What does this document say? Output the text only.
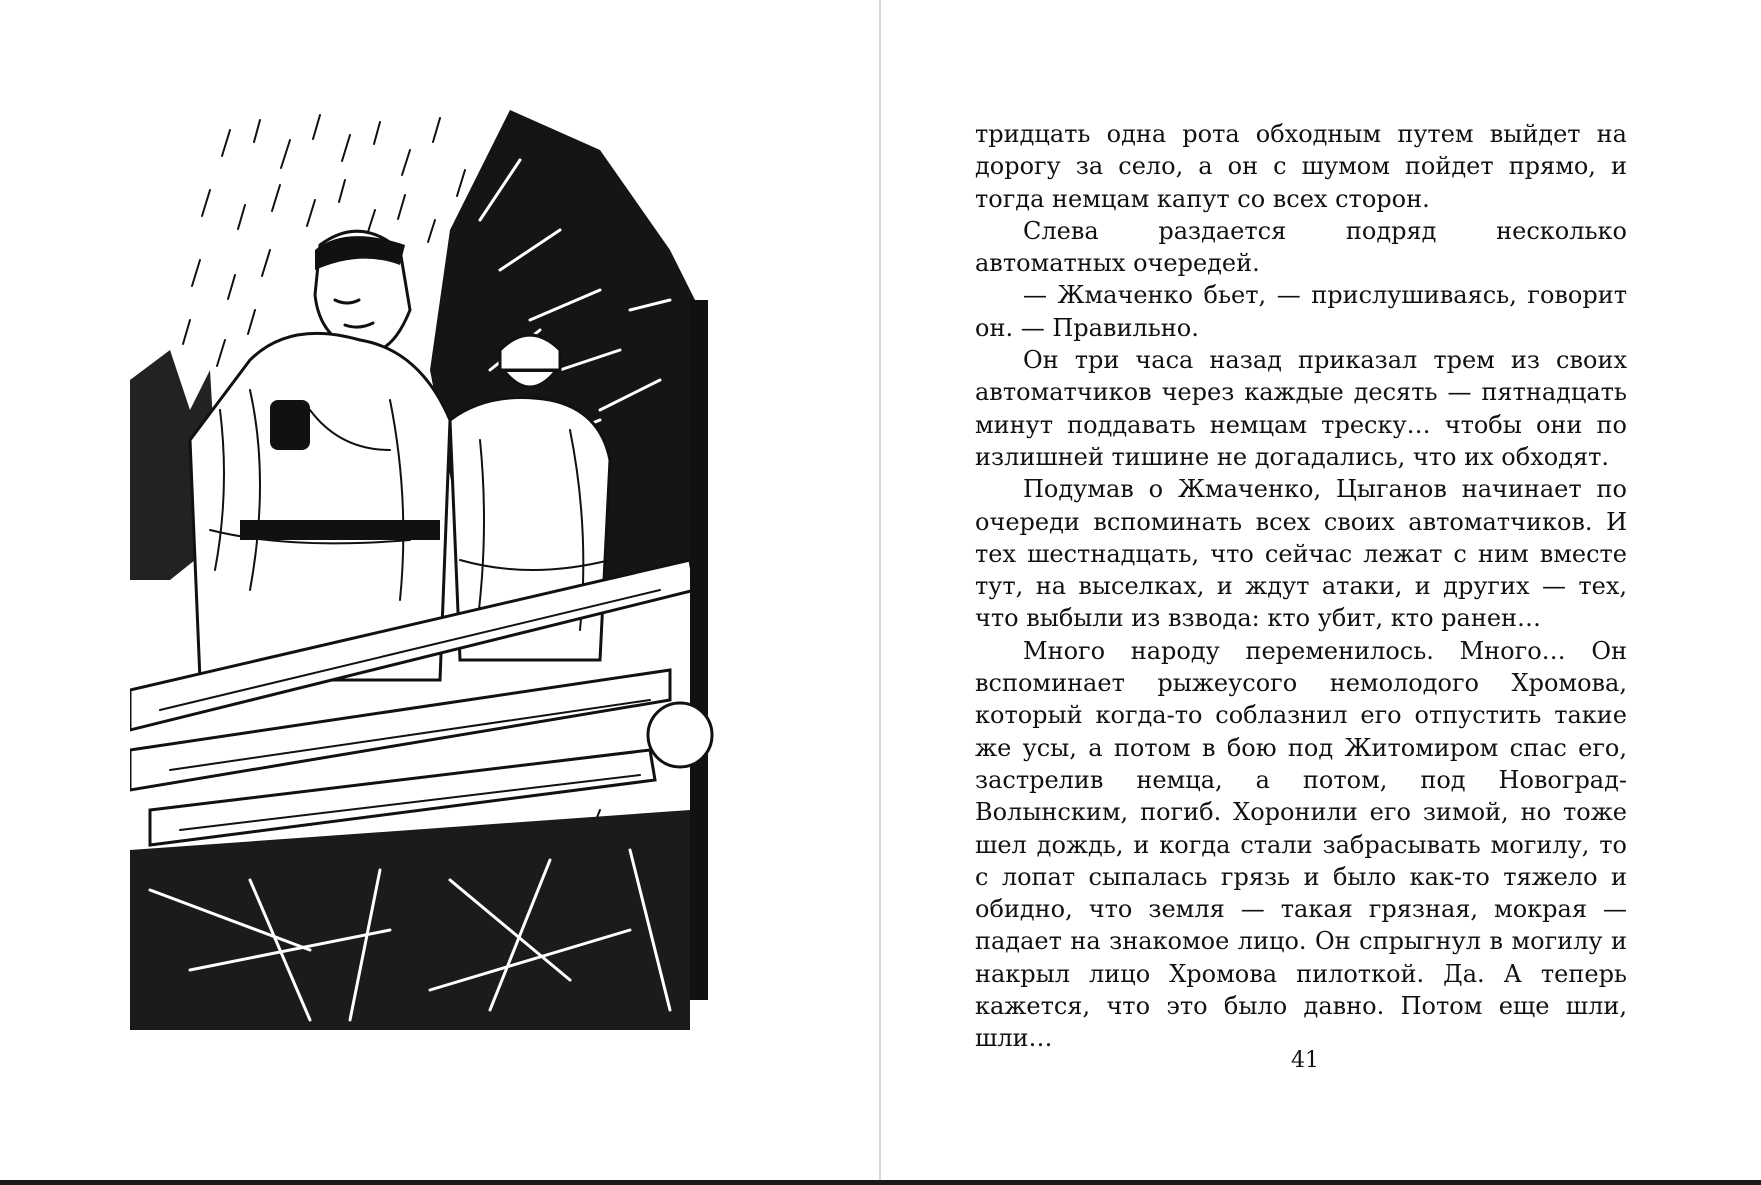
тридцать одна рота обходным путем выйдет на дорогу за село, а он с шумом пойдет прямо, и тогда немцам капут со всех сторон.

Слева раздается подряд несколько автоматных очередей.

— Жмаченко бьет, — прислушиваясь, говорит он. — Правильно.

Он три часа назад приказал трем из своих автоматчиков через каждые десять — пятнадцать минут поддавать немцам треску… чтобы они по излишней тишине не догадались, что их обходят.

Подумав о Жмаченко, Цыганов начинает по очереди вспоминать всех своих автоматчиков. И тех шестнадцать, что сейчас лежат с ним вместе тут, на выселках, и ждут атаки, и других — тех, что выбыли из взвода: кто убит, кто ранен…

Много народу переменилось. Много… Он вспоминает рыжеусого немолодого Хромова, который когда-то соблазнил его отпустить такие же усы, а потом в бою под Житомиром спас его, застрелив немца, а потом, под Новоград-Волынским, погиб. Хоронили его зимой, но тоже шел дождь, и когда стали забрасывать могилу, то с лопат сыпалась грязь и было как-то тяжело и обидно, что земля — такая грязная, мокрая — падает на знакомое лицо. Он спрыгнул в могилу и накрыл лицо Хромова пилоткой. Да. А теперь кажется, что это было давно. Потом еще шли, шли…

41
